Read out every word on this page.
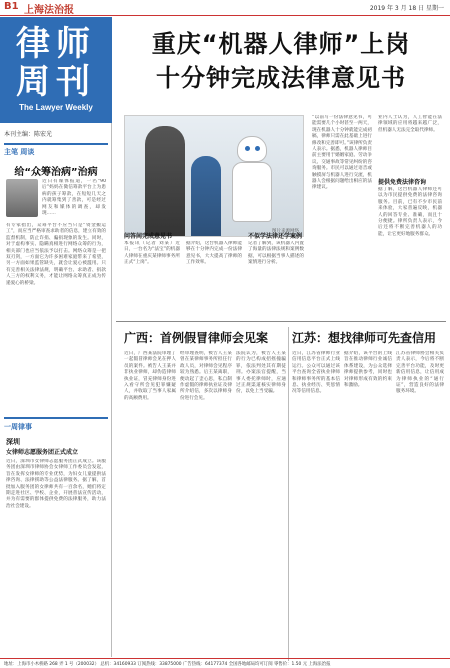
B1 上海法治报	2019 年 3 月 18 日 星期一
律师周刊
The Lawyer Weekly
本刊主编：陈宏光
主笔 周谈
给“众筹治病”治病
近日有媒体报道，一名“90后”妈妈在微信筹款平台上为患病的孩子筹款，在短短几天之内就筹集到了善款，可是经过网友和媒体的调查，却发现……
有专家指出，众筹平台不应当只是“资金搬运工”，而应当严格审查求助者的信息，建立有效的监督机制，防止诈捐、骗捐现象的发生。同时，对于虚构事实、隐瞒真相进行网络众筹的行为，相关部门也应当依法予以打击。网络众筹是一把双刃剑，一方面它为许多困难家庭带来了希望，另一方面如果监管缺失，就会让爱心被滥用。只有完善相关法律法规，明确平台、求助者、捐款人三方的权利义务，才能让网络众筹真正成为传递爱心的桥梁。
一周律事
深圳
女律师志愿服务团正式成立
近日，深圳市女律师志愿服务团正式成立。该服务团由深圳市律师协会女律师工作委员会发起，旨在发挥女律师的专业优势，为妇女儿童提供法律咨询、法律援助等公益法律服务。据了解，首批加入服务团的女律师共有一百余名，她们将定期走进社区、学校、企业，开展普法宣传活动，并为有需要的群体提供免费的法律服务，助力法治社会建设。
重庆“机器人律师”上岗
十分钟完成法律意见书
图片来源网络
问答间完成意见书	不似学法律还学案例
本报讯（记者 刘某）近日，一台名为“法宝”的机器人律师在重庆某律师事务所正式“上岗”。
据介绍，这台机器人律师能够在十分钟内完成一份法律意见书，大大提高了律师的工作效率。
记者了解到，该机器人内置了海量的法律法规和案例数据，可以根据当事人描述的案情进行分析。
“以前写一份法律意见书，可能需要几个小时甚至一两天，现在机器人十分钟就能完成初稿，律师只需在此基础上进行修改和完善即可。”该律所负责人表示。据悉，机器人律师目前主要用于婚姻家庭、劳动争议、交通事故等常见纠纷的咨询服务。市民可以通过语音或触摸屏与机器人进行交流，机器人会根据问题给出相应的法律建议。
业内人士认为，人工智能在法律领域的应用将越来越广泛，但机器人无法完全取代律师。
提供免费法律咨询
据了解，这台机器人律师还可以为市民提供免费的法律咨询服务。目前，已有不少市民前来体验，大家普遍反映，机器人的回答专业、准确，而且十分便捷。律所负责人表示，今后还将不断完善机器人的功能，让它更好地服务群众。
广西：首例假冒律师会见案
近日，广西某法院审理了一起假冒律师会见在押人员的案件。被告人王某并非执业律师，却伪造律师执业证，冒充律师身份进入看守所会见犯罪嫌疑人，并收取了当事人家属的高额费用。
经审理查明，被告人王某曾在某律师事务所担任行政人员，对律师会见程序较为熟悉。后王某离职，便动起了歪心思，私自制作虚假的律师执业证及律所介绍信，多次以律师身份进行会见。
法院认为，被告人王某的行为已构成招摇撞骗罪，依法判处其有期徒刑。办案法官提醒，当事人委托律师时，应通过正规渠道核实律师身份，以免上当受骗。
江苏：想找律师可先查信用
近日，江苏省律师行业信用信息平台正式上线运行。公众可以通过该平台查询全省执业律师和律师事务所的基本信息、执业经历、奖惩情况等信用信息。
据介绍，该平台的上线旨在推动律师行业诚信体系建设，为公众选择律师提供参考，同时也对律师形成有效的约束和激励。
江苏省律师协会相关负责人表示，今后将不断完善平台功能，及时更新信用信息，让信用成为律师执业的“通行证”，营造良好的法律服务环境。
地址：上海市小木桥路 268 弄 1 号（200032） 总机：34160933 订阅热线：33875000 广告热线：64177374 全国各地邮局均可订阅 零售价：1.50 元 上海法治报
